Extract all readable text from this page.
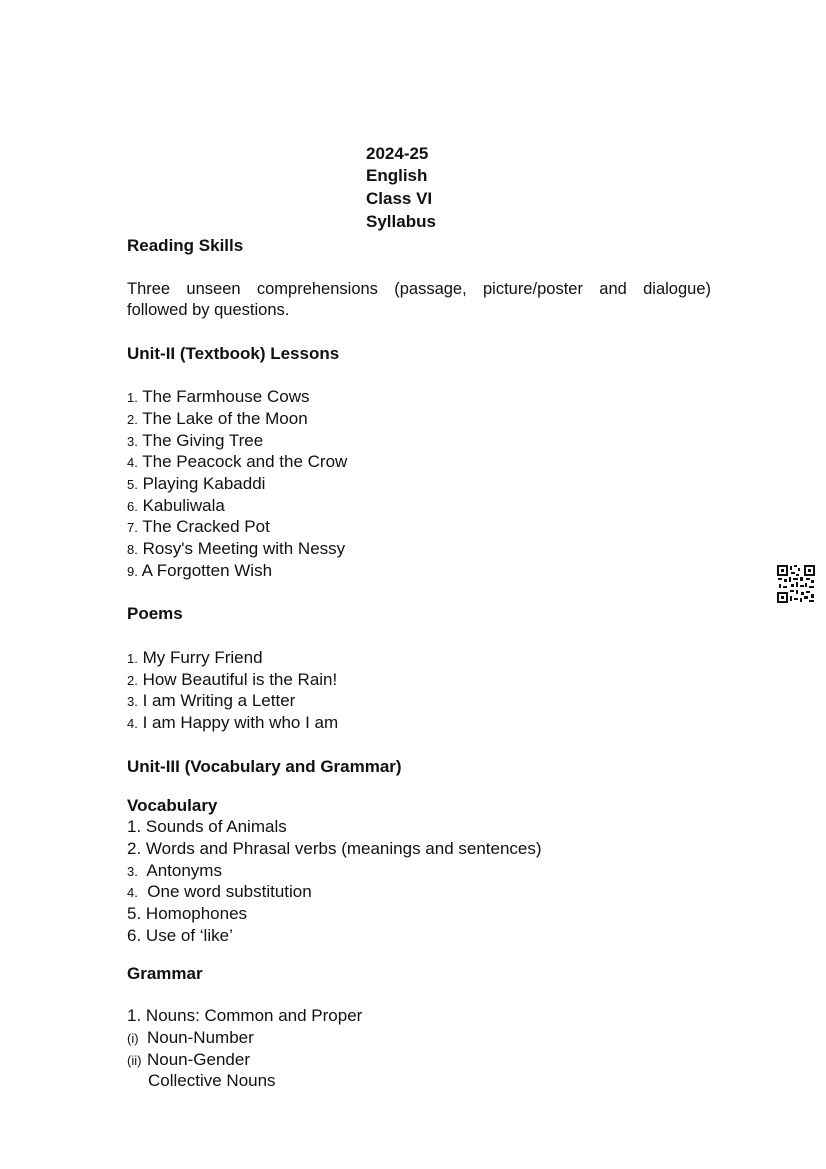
2024-25
English
Class VI
Syllabus
Reading Skills

Three unseen comprehensions (passage, picture/poster and dialogue)

followed by questions.

Unit-II (Textbook) Lessons
1. The Farmhouse Cows
2. The Lake of the Moon
3. The Giving Tree
4. The Peacock and the Crow
5. Playing Kabaddi
6. Kabuliwala
7. The Cracked Pot
8. Rosy's Meeting with Nessy
9. A Forgotten Wish
Poems
1. My Furry Friend
2. How Beautiful is the Rain!
3. I am Writing a Letter
4. I am Happy with who I am
Unit-III (Vocabulary and Grammar)
Vocabulary
1. Sounds of Animals
2. Words and Phrasal verbs (meanings and sentences)
3. Antonyms
4. One word substitution
5. Homophones
6. Use of ‘like’
Grammar
1. Nouns: Common and Proper
(i) Noun-Number
(ii) Noun-Gender
Collective Nouns
